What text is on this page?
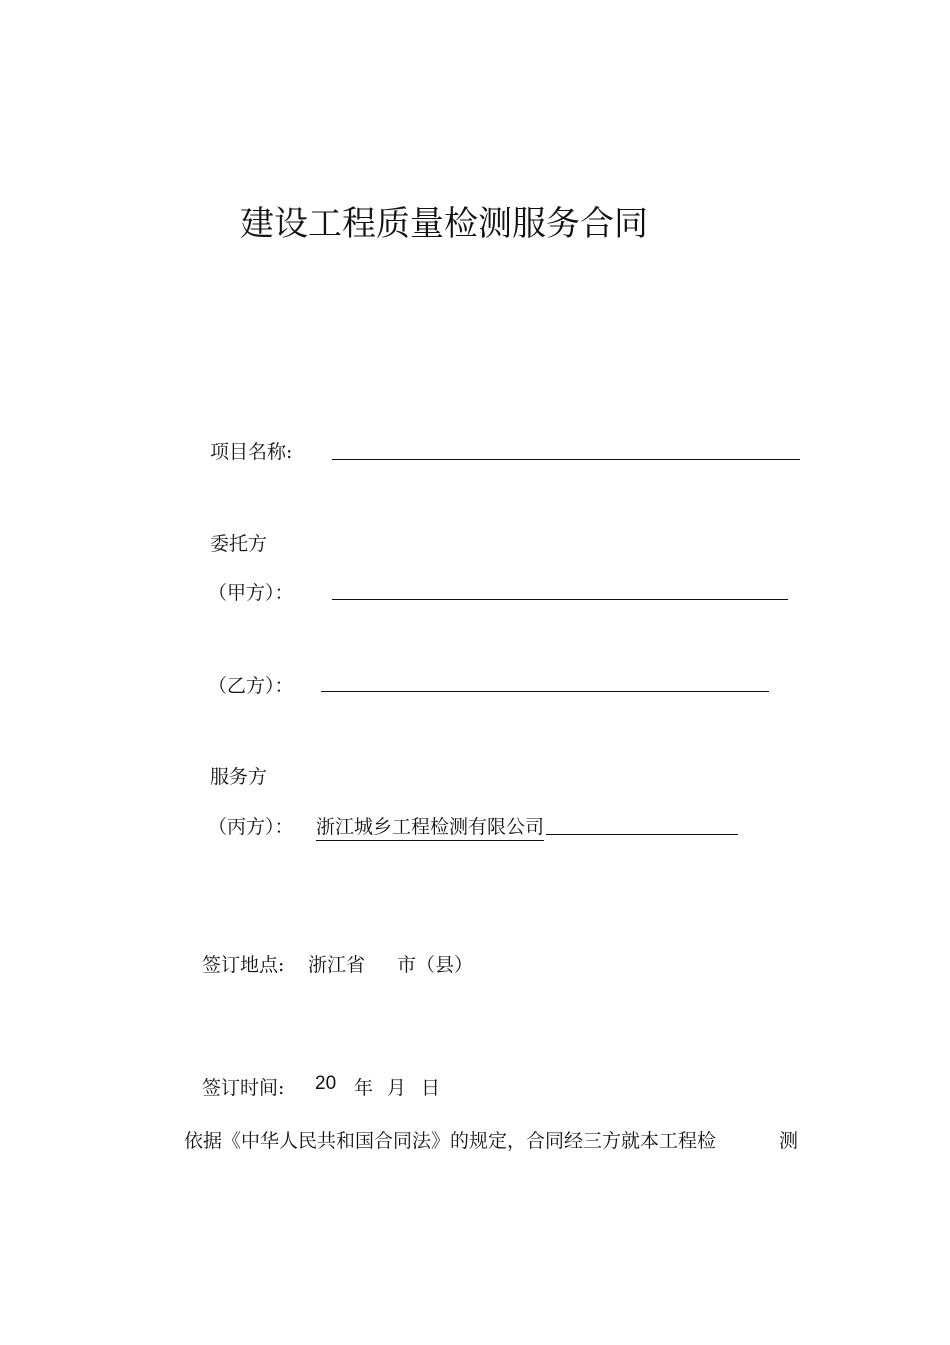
建设工程质量检测服务合同
项目名称:
委托方
（甲方）：
（乙方）：
服务方
（丙方）： 浙江城乡工程检测有限公司
签订地点: 浙江省 市（县）
签订时间: 20 年 月 日
依据《中华人民共和国合同法》的规定，合同经三方就本工程检	测
